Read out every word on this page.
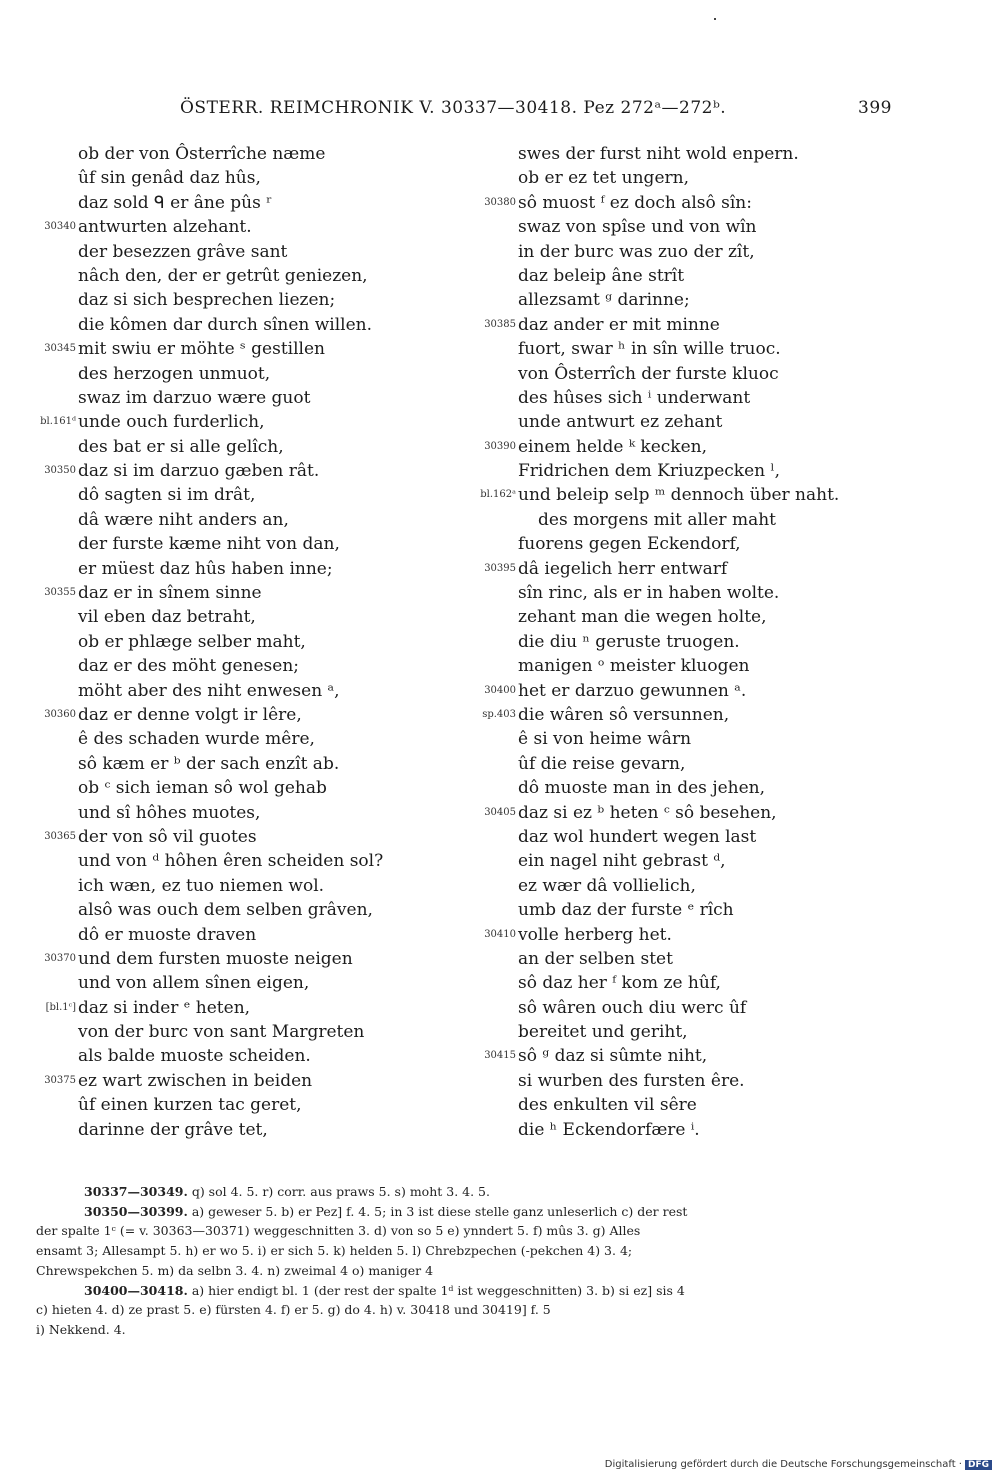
ÖSTERR. REIMCHRONIK V. 30337—30418. Pez 272ᵃ—272ᵇ.	399
ob der von Ôsterrîche næme
ûf sin genâd daz hûs,
daz sold ᑫ er âne pûs ʳ
30340 antwurten alzehant.
der besezzen grâve sant
nâch den, der er getrût geniezen,
daz si sich besprechen liezen;
die kômen dar durch sînen willen.
30345 mit swiu er möhte ˢ gestillen
des herzogen unmuot,
swaz im darzuo wære guot
bl.161ᵈ unde ouch furderlich,
des bat er si alle gelîch,
30350 daz si im darzuo gæben rât.
dô sagten si im drât,
dâ wære niht anders an,
der furste kæme niht von dan,
er müest daz hûs haben inne;
30355 daz er in sînem sinne
vil eben daz betraht,
ob er phlæge selber maht,
daz er des möht genesen;
möht aber des niht enwesen ᵃ,
30360 daz er denne volgt ir lêre,
ê des schaden wurde mêre,
sô kæm er ᵇ der sach enzît ab.
ob ᶜ sich ieman sô wol gehab
und sî hôhes muotes,
30365 der von sô vil guotes
und von ᵈ hôhen êren scheiden sol?
ich wæn, ez tuo niemen wol.
alsô was ouch dem selben grâven,
dô er muoste draven
30370 und dem fursten muoste neigen
und von allem sînen eigen,
[bl.1ᶜ] daz si inder ᵉ heten,
von der burc von sant Margreten
als balde muoste scheiden.
30375 ez wart zwischen in beiden
ûf einen kurzen tac geret,
darinne der grâve tet,
swes der furst niht wold enpern.
ob er ez tet ungern,
30380 sô muost ᶠ ez doch alsô sîn:
swaz von spîse und von wîn
in der burc was zuo der zît,
daz beleip âne strît
allezsamt ᵍ darinne;
30385 daz ander er mit minne
fuort, swar ʰ in sîn wille truoc.
von Ôsterrîch der furste kluoc
des hûses sich ⁱ underwant
unde antwurt ez zehant
30390 einem helde ᵏ kecken,
Fridrichen dem Kriuzpecken ˡ,
bl.162ᵃ und beleip selp ᵐ dennoch über naht.
des morgens mit aller maht
fuorens gegen Eckendorf,
30395 dâ iegelich herr entwarf
sîn rinc, als er in haben wolte.
zehant man die wegen holte,
die diu ⁿ geruste truogen.
manigen ᵒ meister kluogen
30400 het er darzuo gewunnen ᵃ.
sp.403 die wâren sô versunnen,
ê si von heime wârn
ûf die reise gevarn,
dô muoste man in des jehen,
30405 daz si ez ᵇ heten ᶜ sô besehen,
daz wol hundert wegen last
ein nagel niht gebrast ᵈ,
ez wær dâ vollielich,
umb daz der furste ᵉ rîch
30410 volle herberg het.
an der selben stet
sô daz her ᶠ kom ze hûf,
sô wâren ouch diu werc ûf
bereitet und geriht,
30415 sô ᵍ daz si sûmte niht,
si wurben des fursten êre.
des enkulten vil sêre
die ʰ Eckendorfære ⁱ.

30337—30349. q) sol 4. 5. r) corr. aus praws 5. s) moht 3. 4. 5.

30350—30399. a) geweser 5. b) er Pez] f. 4. 5; in 3 ist diese stelle ganz unleserlich c) der rest

der spalte 1ᶜ (= v. 30363—30371) weggeschnitten 3. d) von so 5 e) ynndert 5. f) mûs 3. g) Alles

ensamt 3; Allesampt 5. h) er wo 5. i) er sich 5. k) helden 5. l) Chrebzpechen (-pekchen 4) 3. 4;

Chrewspekchen 5. m) da selbn 3. 4. n) zweimal 4 o) maniger 4

30400—30418. a) hier endigt bl. 1 (der rest der spalte 1ᵈ ist weggeschnitten) 3. b) si ez] sis 4

c) hieten 4. d) ze prast 5. e) fürsten 4. f) er 5. g) do 4. h) v. 30418 und 30419] f. 5

i) Nekkend. 4.

Digitalisierung gefördert durch die Deutsche Forschungsgemeinschaft · DFG
